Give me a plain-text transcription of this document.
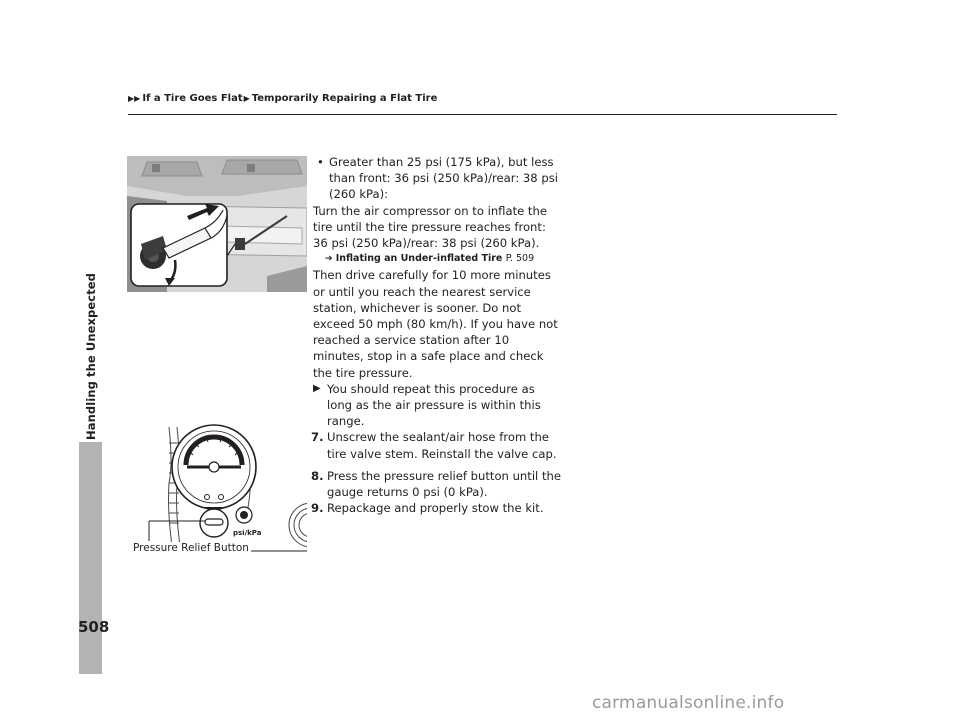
Handling the Unexpected
▶▶ If a Tire Goes Flat▶ Temporarily Repairing a Flat Tire
psi/kPa
Pressure Relief Button

• Greater than 25 psi (175 kPa), but less than front: 36 psi (250 kPa)/rear: 38 psi (260 kPa):

Turn the air compressor on to inflate the tire until the tire pressure reaches front: 36 psi (250 kPa)/rear: 38 psi (260 kPa).

➔ Inflating an Under-inflated Tire P. 509

Then drive carefully for 10 more minutes or until you reach the nearest service station, whichever is sooner. Do not exceed 50 mph (80 km/h). If you have not reached a service station after 10 minutes, stop in a safe place and check the tire pressure.

▶ You should repeat this procedure as long as the air pressure is within this range.

7. Unscrew the sealant/air hose from the tire valve stem. Reinstall the valve cap.

8. Press the pressure relief button until the gauge returns 0 psi (0 kPa).

9. Repackage and properly stow the kit.

508
carmanualsonline.info
